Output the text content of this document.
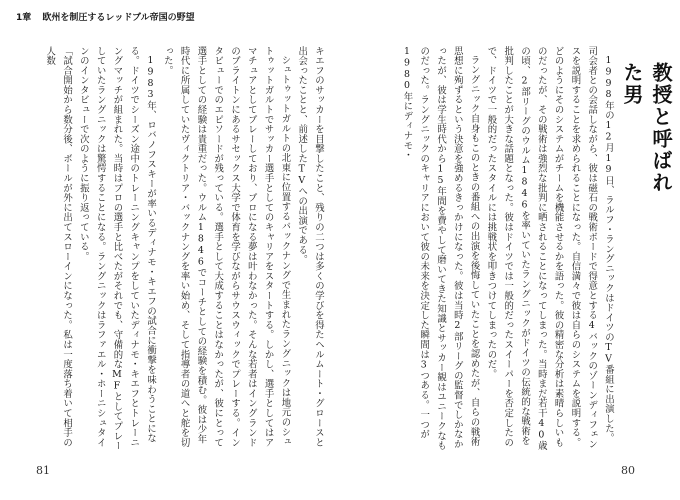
1章 欧州を制圧するレッドブル帝国の野望
教授と呼ばれた男

1998年の12月19日、ラルフ・ラングニックはドイツのTV番組に出演した。司会者との会話しながら、彼は磁石の戦術ボードで得意とする4バックのゾーンディフェンスを説明することを求められることになった。自信満々で彼は自らのシステムを説明する。どのようにそのシステムがチームを機能させるかを語った。彼の精密な分析は素晴らしいものだったが、その戦術は強烈な批判に晒されることになってしまった。当時まだ若干40歳の頃、2部リーグのウルム1846を率いていたラングニックがドイツの伝統的な戦術を批判したことが大きな話題となった。彼はドイツでは一般的だったスイーパーを否定したので、ドイツで一般的だったスタイルには挑戦状を叩きつけてしまったのだ。

ラングニック自身もこのときの番組への出演を後悔していたことを認めたが、自らの戦術思想に殉ずるという決意を強めるきっかけになった。彼は当時2部リーグの監督でしかなかったが、彼は学生時代から15年間を費やして磨いてきた知識とサッカー観はユニークなものだった。ラングニックのキャリアにおいて彼の未来を決定した瞬間は3つある。一つが1980年にディナモ・

キエフのサッカーを目撃したこと、残りの二つは多くの学びを得たヘルムート・グロースと出会ったことと、前述したTVへの出演である。

シュトゥットガルトの北東に位置するバックナングで生まれたラングニックは地元のシュトゥットガルトでサッカー選手としてのキャリアをスタートする。しかし、選手としてはアマチュアとしてプレーしており、プロになる夢は叶わなかった。そんな若者はイングランドのブライトンにあるサセックス大学で体育を学びながらサウスウィックでプレーする。インタビューでのエピソードが残っている。選手として大成することはなかったが、彼にとって選手としての経験は貴重だった。ウルム1846でコーチとしての経験を積む。彼は少年時代に所属していたヴィクトリア・バックナングを率い始め、そして指導者の道へと舵を切った。

1983年、ロバノフスキーが率いるディナモ・キエフの試合に衝撃を味わうことになる。ドイツでシーズン途中のトレーニングキャンプをしていたディナモ・キエフとトレーニングマッチが組まれた。当時はプロの選手と比べたがそれでも、守備的なMFとしてプレーしていたラングニックは驚愕することになる。ラングニックはラファエル・ホーニシュタインのインタビューで次のように振り返っている。

「試合開始から数分後、ボールが外に出てスローインになった。私は一度落ち着いて相手の人数

81	80
